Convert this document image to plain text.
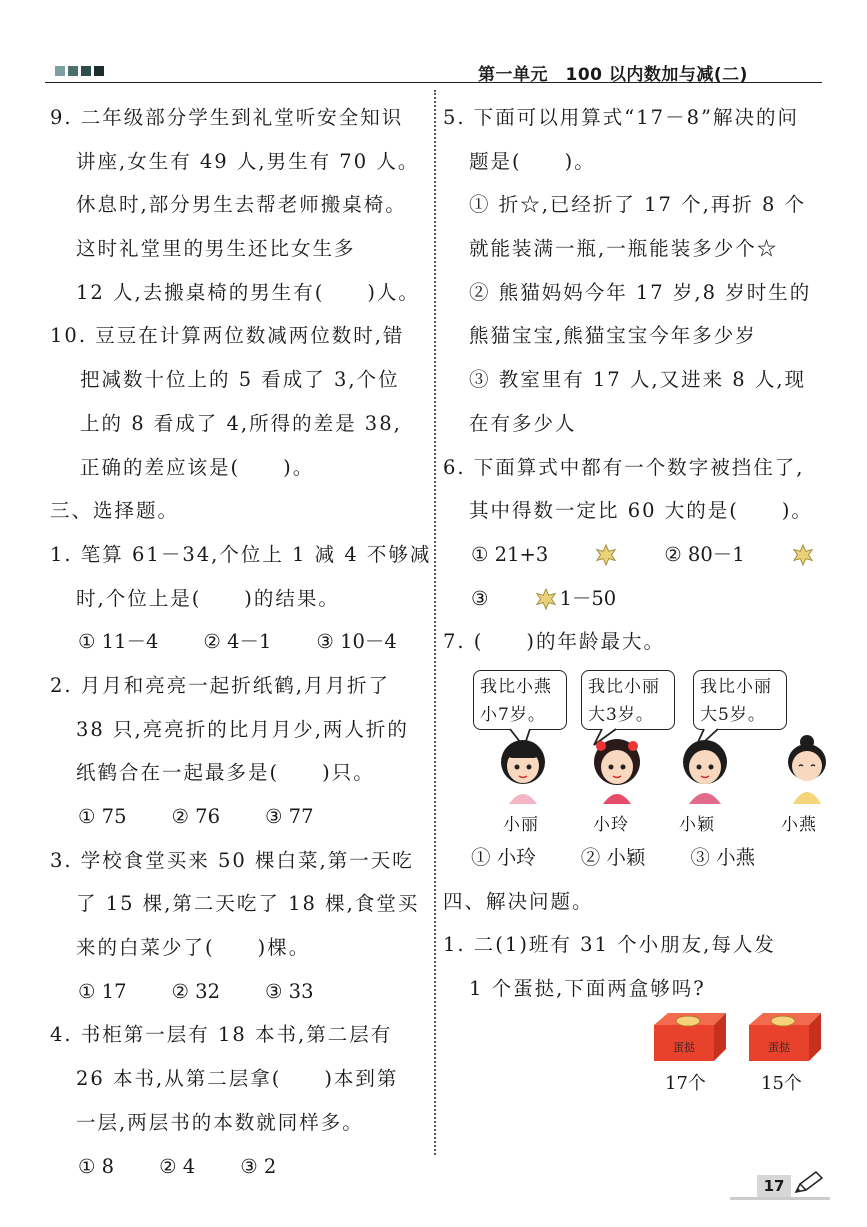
第一单元　100 以内数加与减(二)
9. 二年级部分学生到礼堂听安全知识
讲座,女生有 49 人,男生有 70 人。
休息时,部分男生去帮老师搬桌椅。
这时礼堂里的男生还比女生多
12 人,去搬桌椅的男生有(　　)人。
10. 豆豆在计算两位数减两位数时,错
把减数十位上的 5 看成了 3,个位
上的 8 看成了 4,所得的差是 38,
正确的差应该是(　　)。
三、选择题。
1. 笔算 61－34,个位上 1 减 4 不够减
时,个位上是(　　)的结果。
① 11－4 ② 4－1 ③ 10－4
2. 月月和亮亮一起折纸鹤,月月折了
38 只,亮亮折的比月月少,两人折的
纸鹤合在一起最多是(　　)只。
① 75 ② 76 ③ 77
3. 学校食堂买来 50 棵白菜,第一天吃
了 15 棵,第二天吃了 18 棵,食堂买
来的白菜少了(　　)棵。
① 17 ② 32 ③ 33
4. 书柜第一层有 18 本书,第二层有
26 本书,从第二层拿(　　)本到第
一层,两层书的本数就同样多。
① 8 ② 4 ③ 2
5. 下面可以用算式“17－8”解决的问
题是(　　)。
① 折☆,已经折了 17 个,再折 8 个
就能装满一瓶,一瓶能装多少个☆
② 熊猫妈妈今年 17 岁,8 岁时生的
熊猫宝宝,熊猫宝宝今年多少岁
③ 教室里有 17 人,又进来 8 人,现
在有多少人
6. 下面算式中都有一个数字被挡住了,
其中得数一定比 60 大的是(　　)。
① 21+3	② 80－1
③	1－50
7. (　　)的年龄最大。
我比小燕
小7岁。
我比小丽
大3岁。
我比小丽
大5岁。
小丽	小玲	小颖	小燕
① 小玲 ② 小颖 ③ 小燕
四、解决问题。
1. 二(1)班有 31 个小朋友,每人发
1 个蛋挞,下面两盒够吗?
蛋挞	蛋挞
17个	15个
17
